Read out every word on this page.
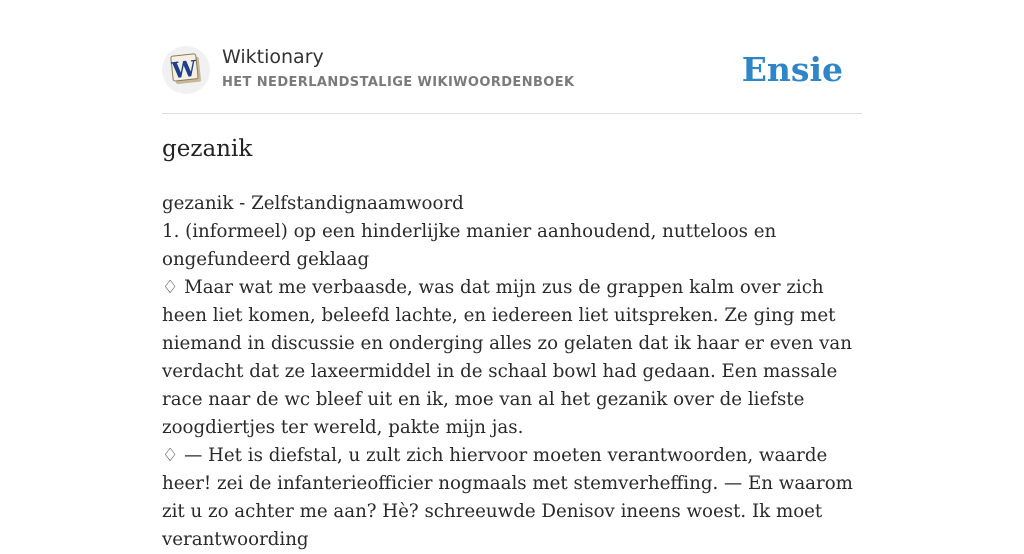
W Wiktionary
HET NEDERLANDSTALIGE WIKIWOORDENBOEK	Ensie
gezanik

gezanik - Zelfstandignaamwoord

1. (informeel) op een hinderlijke manier aanhoudend, nutteloos en ongefundeerd geklaag

♢ Maar wat me verbaasde, was dat mijn zus de grappen kalm over zich heen liet komen, beleefd lachte, en iedereen liet uitspreken. Ze ging met niemand in discussie en onderging alles zo gelaten dat ik haar er even van verdacht dat ze laxeermiddel in de schaal bowl had gedaan. Een massale race naar de wc bleef uit en ik, moe van al het gezanik over de liefste zoogdiertjes ter wereld, pakte mijn jas.

♢ — Het is diefstal, u zult zich hiervoor moeten verantwoorden, waarde heer! zei de infanterieofficier nogmaals met stemverheffing. — En waarom zit u zo achter me aan? Hè? schreeuwde Denisov ineens woest. Ik moet verantwoording
